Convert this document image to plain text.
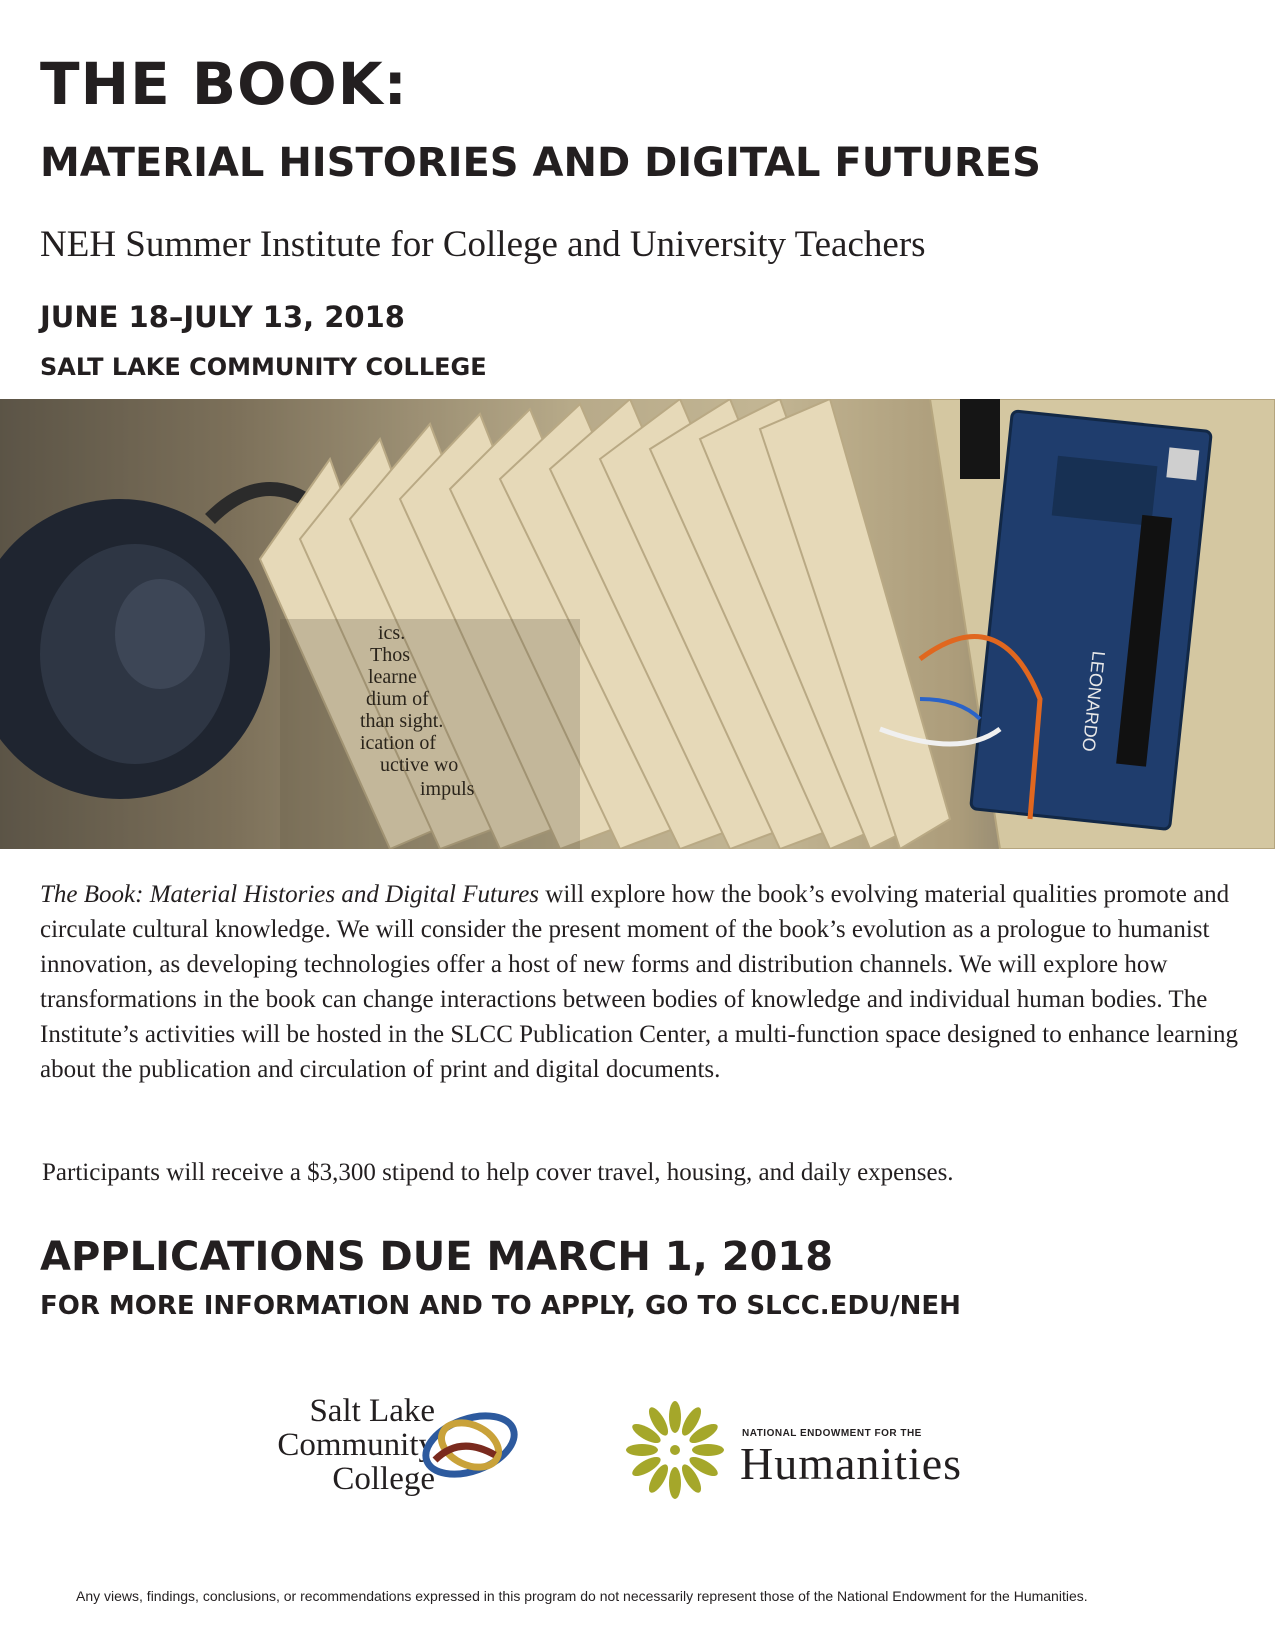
THE BOOK:
MATERIAL HISTORIES AND DIGITAL FUTURES
NEH Summer Institute for College and University Teachers
JUNE 18–JULY 13, 2018
SALT LAKE COMMUNITY COLLEGE
ics.
Thos
learne
dium of
than sight.
ication of
uctive wo
impuls
LEONARDO

The Book: Material Histories and Digital Futures will explore how the book’s evolving material qualities promote and circulate cultural knowledge. We will consider the present moment of the book’s evolution as a prologue to humanist innovation, as developing technologies offer a host of new forms and distribution channels. We will explore how transformations in the book can change interactions between bodies of knowledge and individual human bodies. The Institute’s activities will be hosted in the SLCC Publication Center, a multi-function space designed to enhance learning about the publication and circulation of print and digital documents.

Participants will receive a $3,300 stipend to help cover travel, housing, and daily expenses.
APPLICATIONS DUE MARCH 1, 2018
FOR MORE INFORMATION AND TO APPLY, GO TO SLCC.EDU/NEH
Salt Lake
Community
College
NATIONAL ENDOWMENT FOR THE
Humanities
Any views, findings, conclusions, or recommendations expressed in this program do not necessarily represent those of the National Endowment for the Humanities.
